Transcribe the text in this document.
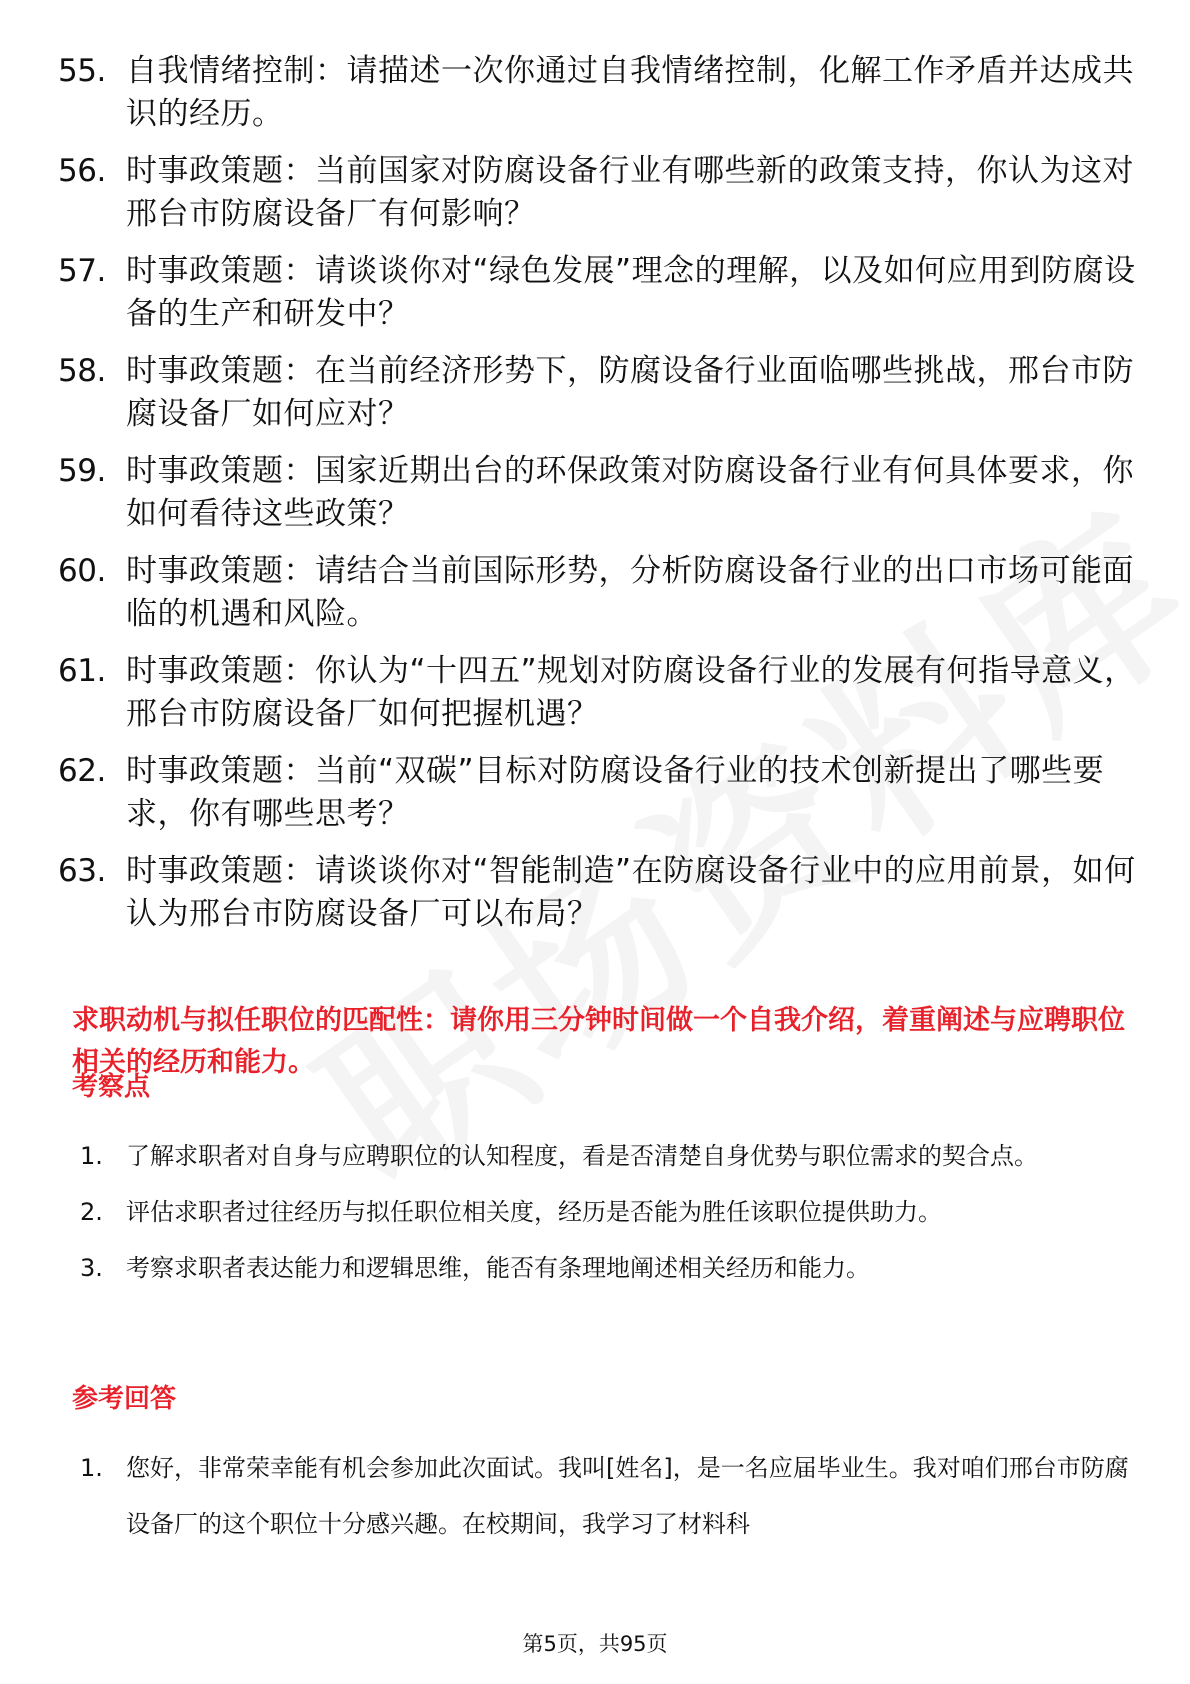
55. 自我情绪控制：请描述一次你通过自我情绪控制，化解工作矛盾并达成共识的经历。
56. 时事政策题：当前国家对防腐设备行业有哪些新的政策支持，你认为这对邢台市防腐设备厂有何影响？
57. 时事政策题：请谈谈你对“绿色发展”理念的理解，以及如何应用到防腐设备的生产和研发中？
58. 时事政策题：在当前经济形势下，防腐设备行业面临哪些挑战，邢台市防腐设备厂如何应对？
59. 时事政策题：国家近期出台的环保政策对防腐设备行业有何具体要求，你如何看待这些政策？
60. 时事政策题：请结合当前国际形势，分析防腐设备行业的出口市场可能面临的机遇和风险。
61. 时事政策题：你认为“十四五”规划对防腐设备行业的发展有何指导意义，邢台市防腐设备厂如何把握机遇？
62. 时事政策题：当前“双碳”目标对防腐设备行业的技术创新提出了哪些要求，你有哪些思考？
63. 时事政策题：请谈谈你对“智能制造”在防腐设备行业中的应用前景，如何认为邢台市防腐设备厂可以布局？
求职动机与拟任职位的匹配性：请你用三分钟时间做一个自我介绍，着重阐述与应聘职位相关的经历和能力。
考察点
1. 了解求职者对自身与应聘职位的认知程度，看是否清楚自身优势与职位需求的契合点。
2. 评估求职者过往经历与拟任职位相关度，经历是否能为胜任该职位提供助力。
3. 考察求职者表达能力和逻辑思维，能否有条理地阐述相关经历和能力。
参考回答
1. 您好，非常荣幸能有机会参加此次面试。我叫[姓名]，是一名应届毕业生。我对咱们邢台市防腐设备厂的这个职位十分感兴趣。在校期间，我学习了材料科
第5页，共95页
